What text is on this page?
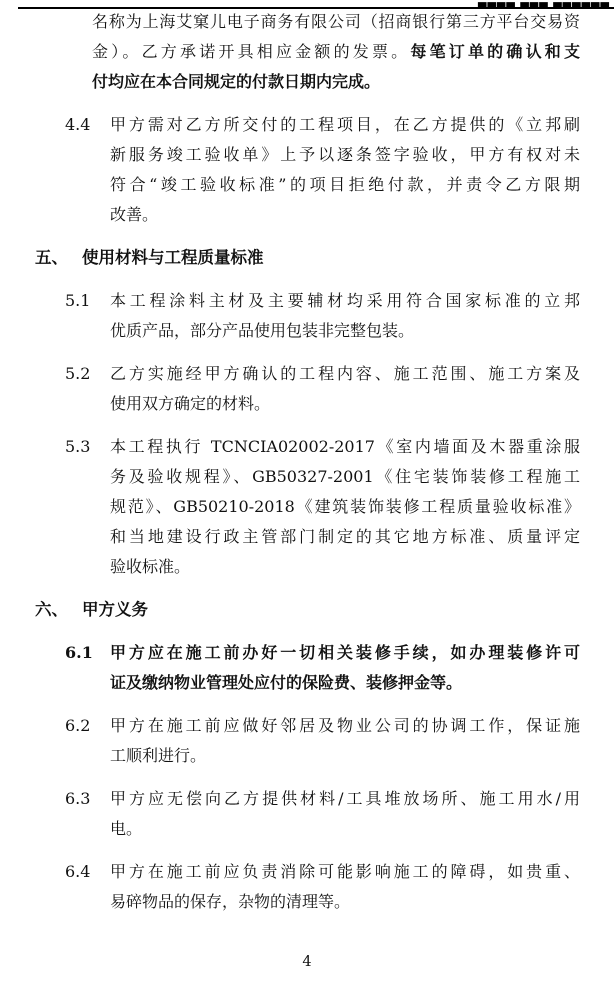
▄▄▄▄ ▄▄▄ ▄▄▄▄▄▄
名称为上海艾窠儿电子商务有限公司（招商银行第三方平台交易资
金）。乙方承诺开具相应金额的发票。每笔订单的确认和支
付均应在本合同规定的付款日期内完成。
4.4	甲方需对乙方所交付的工程项目，在乙方提供的《立邦刷
新服务竣工验收单》上予以逐条签字验收，甲方有权对未
符合“竣工验收标准”的项目拒绝付款，并责令乙方限期
改善。
五、 使用材料与工程质量标准
5.1	本工程涂料主材及主要辅材均采用符合国家标准的立邦
优质产品，部分产品使用包装非完整包装。
5.2	乙方实施经甲方确认的工程内容、施工范围、施工方案及
使用双方确定的材料。
5.3	本工程执行 TCNCIA02002-2017《室内墙面及木器重涂服
务及验收规程》、GB50327-2001《住宅装饰装修工程施工
规范》、GB50210-2018《建筑装饰装修工程质量验收标准》
和当地建设行政主管部门制定的其它地方标准、质量评定
验收标准。
六、 甲方义务
6.1	甲方应在施工前办好一切相关装修手续，如办理装修许可
证及缴纳物业管理处应付的保险费、装修押金等。
6.2	甲方在施工前应做好邻居及物业公司的协调工作，保证施
工顺利进行。
6.3	甲方应无偿向乙方提供材料/工具堆放场所、施工用水/用
电。
6.4	甲方在施工前应负责消除可能影响施工的障碍，如贵重、
易碎物品的保存，杂物的清理等。
4
